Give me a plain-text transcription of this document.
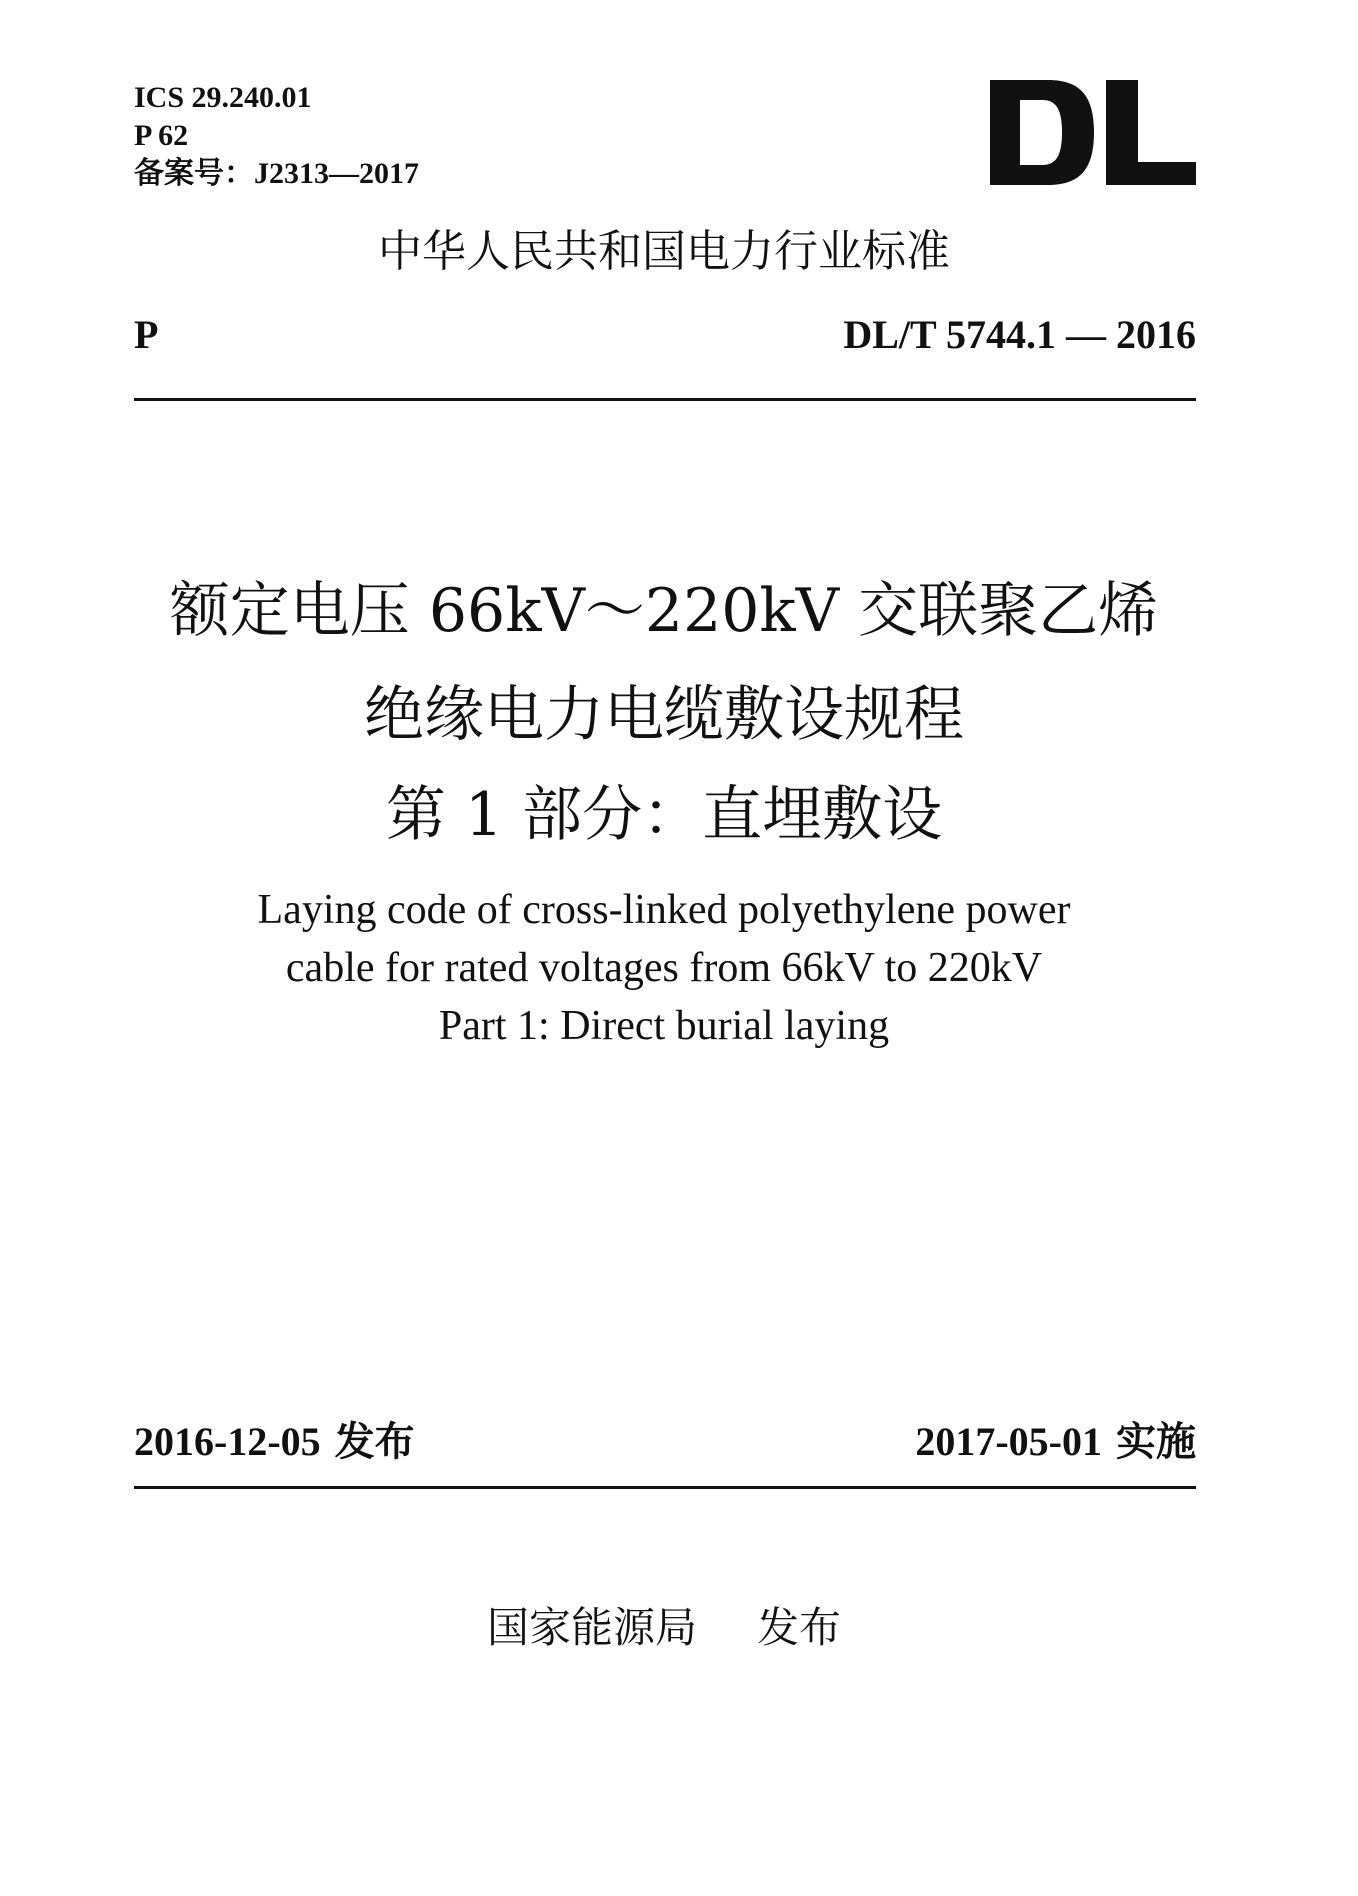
ICS 29.240.01
P 62
备案号：J2313—2017
中华人民共和国电力行业标准
P	DL/T 5744.1 — 2016
额定电压 66kV～220kV 交联聚乙烯
绝缘电力电缆敷设规程
第 1 部分：直埋敷设
Laying code of cross-linked polyethylene power
cable for rated voltages from 66kV to 220kV
Part 1: Direct burial laying
2016-12-05 发布	2017-05-01 实施
国家能源局 发布
